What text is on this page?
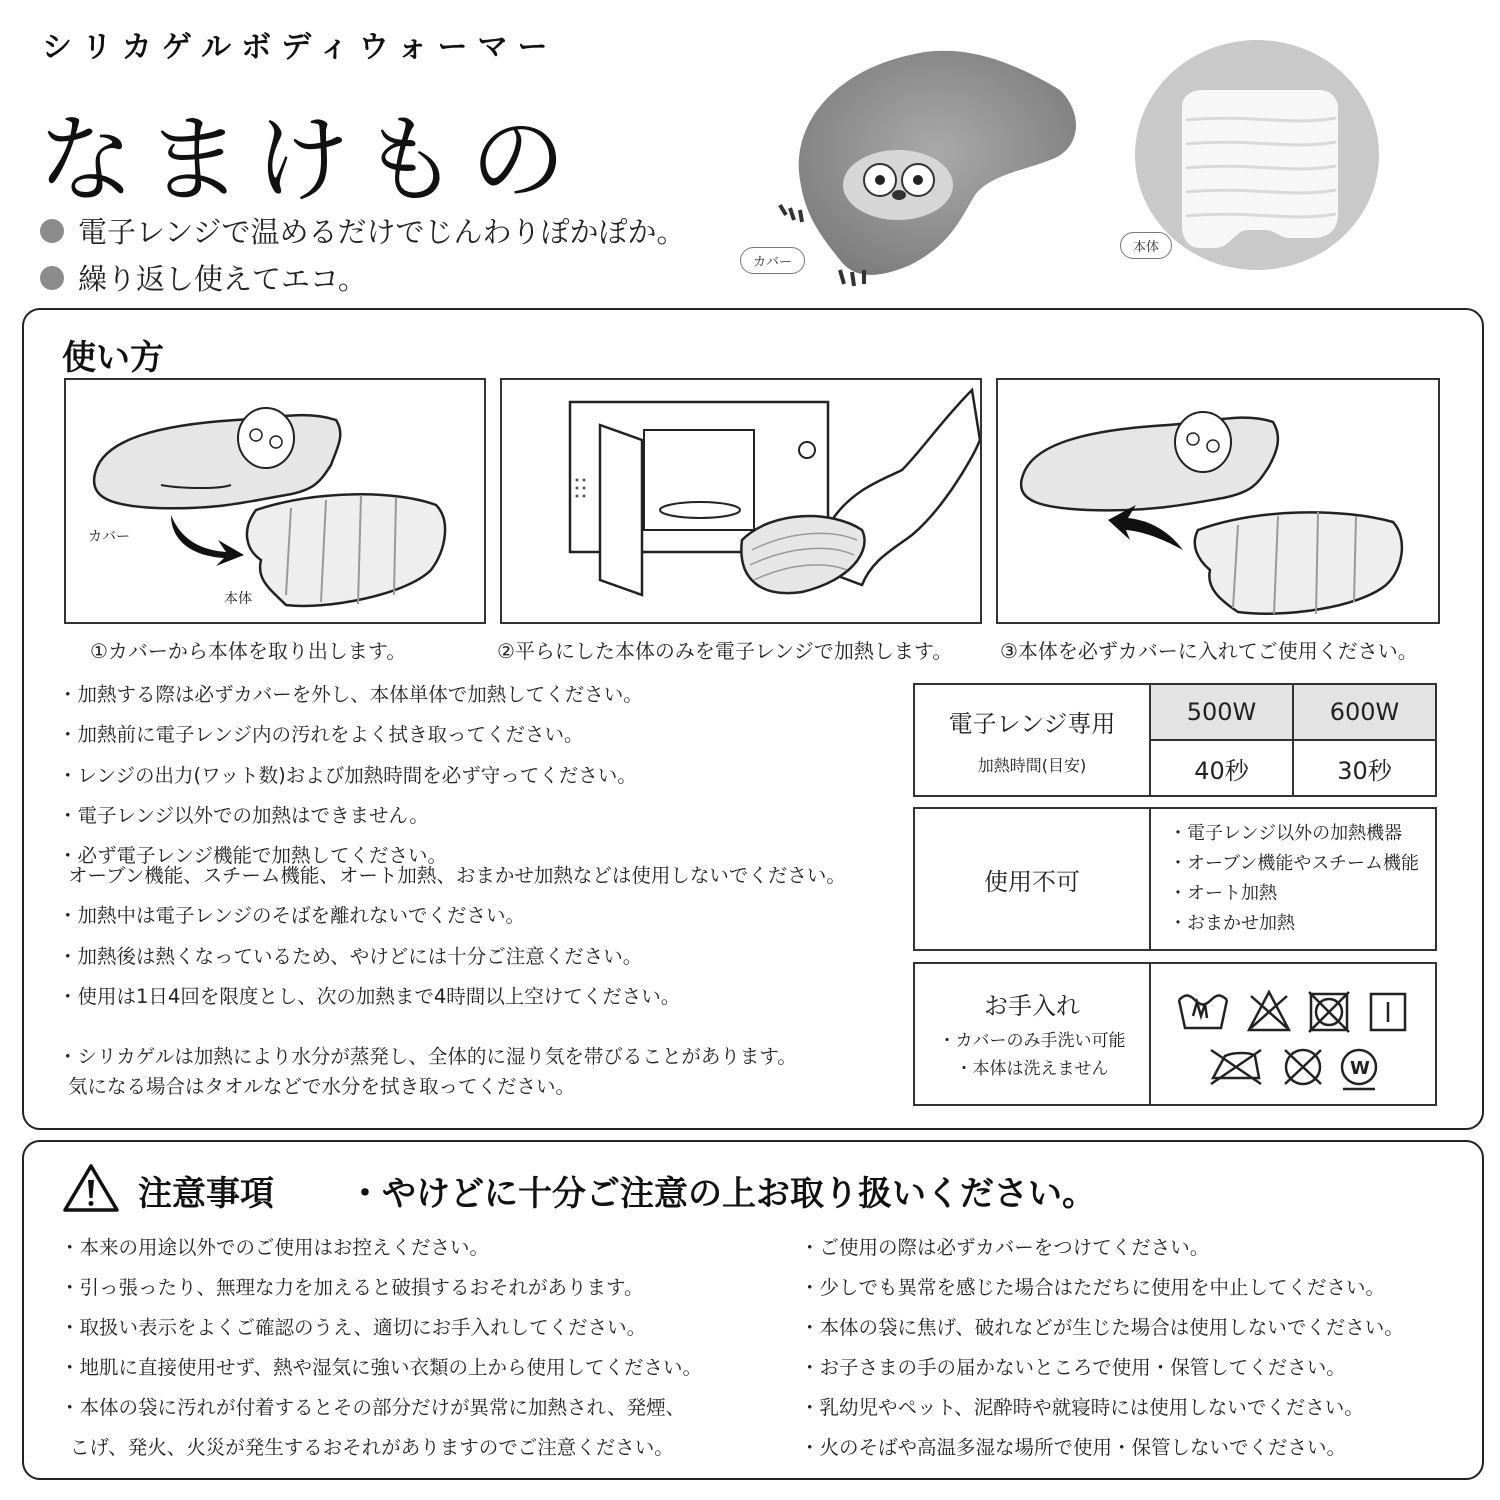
シリカゲルボディウォーマー
なまけもの
電子レンジで温めるだけでじんわりぽかぽか。
繰り返し使えてエコ。	カバー
本体
使い方
カバー
本体
①カバーから本体を取り出します。	②平らにした本体のみを電子レンジで加熱します。 ③本体を必ずカバーに入れてご使用ください。
・加熱する際は必ずカバーを外し、本体単体で加熱してください。
・加熱前に電子レンジ内の汚れをよく拭き取ってください。
・レンジの出力(ワット数)および加熱時間を必ず守ってください。
・電子レンジ以外での加熱はできません。
・必ず電子レンジ機能で加熱してください。
オーブン機能、スチーム機能、オート加熱、おまかせ加熱などは使用しないでください。
・加熱中は電子レンジのそばを離れないでください。
・加熱後は熱くなっているため、やけどには十分ご注意ください。
・使用は1日4回を限度とし、次の加熱まで4時間以上空けてください。
・シリカゲルは加熱により水分が蒸発し、全体的に湿り気を帯びることがあります。
気になる場合はタオルなどで水分を拭き取ってください。
電子レンジ専用
加熱時間(目安)	500W	600W
	40秒	30秒
使用不可	
・電子レンジ以外の加熱機器
・オーブン機能やスチーム機能
・オート加熱
・おまかせ加熱
お手入れ
・カバーのみ手洗い可能
・本体は洗えません	W
注意事項 ・やけどに十分ご注意の上お取り扱いください。
・本来の用途以外でのご使用はお控えください。
・引っ張ったり、無理な力を加えると破損するおそれがあります。
・取扱い表示をよくご確認のうえ、適切にお手入れしてください。
・地肌に直接使用せず、熱や湿気に強い衣類の上から使用してください。
・本体の袋に汚れが付着するとその部分だけが異常に加熱され、発煙、
こげ、発火、火災が発生するおそれがありますのでご注意ください。
・ご使用の際は必ずカバーをつけてください。
・少しでも異常を感じた場合はただちに使用を中止してください。
・本体の袋に焦げ、破れなどが生じた場合は使用しないでください。
・お子さまの手の届かないところで使用・保管してください。
・乳幼児やペット、泥酔時や就寝時には使用しないでください。
・火のそばや高温多湿な場所で使用・保管しないでください。
